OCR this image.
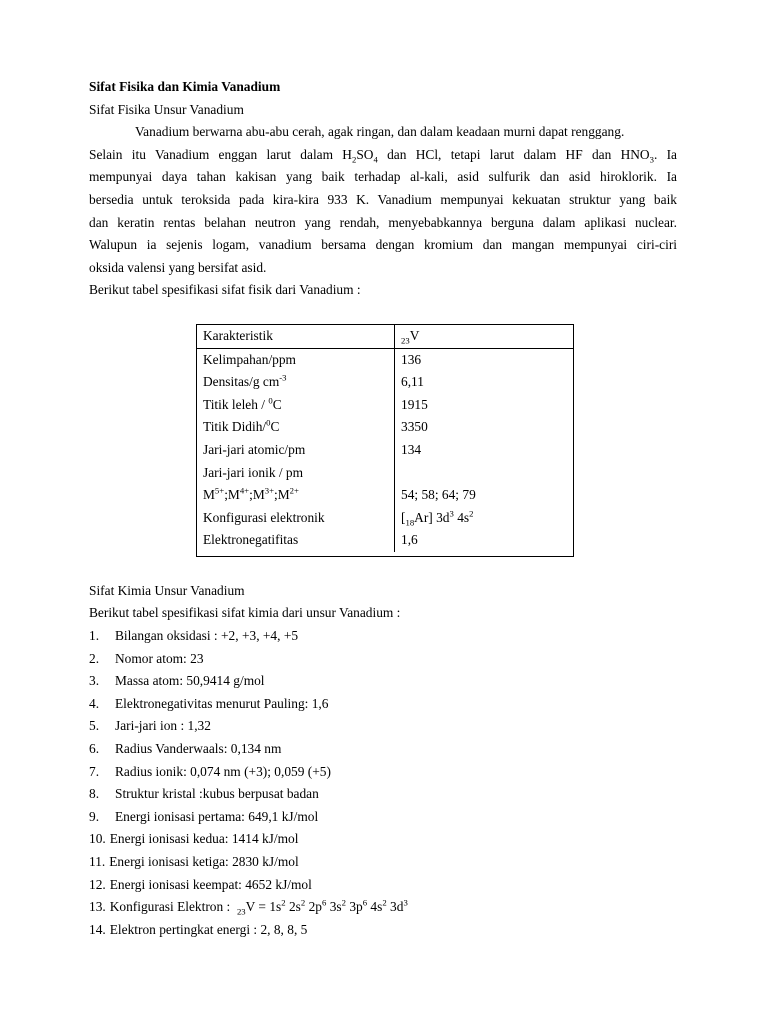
Sifat Fisika dan Kimia Vanadium
Sifat Fisika Unsur Vanadium
Vanadium berwarna abu-abu cerah, agak ringan, dan dalam keadaan murni dapat renggang.
Selain itu Vanadium enggan larut dalam $H_2SO_4$ dan HCl, tetapi larut dalam HF dan $HNO_3$. Ia
mempunyai daya tahan kakisan yang baik terhadap al-kali, asid sulfurik dan asid hiroklorik. Ia
bersedia untuk teroksida pada kira-kira 933 K. Vanadium mempunyai kekuatan struktur yang baik
dan keratin rentas belahan neutron yang rendah, menyebabkannya berguna dalam aplikasi nuclear.
Walupun ia sejenis logam, vanadium bersama dengan kromium dan mangan mempunyai ciri-ciri
oksida valensi yang bersifat asid.
Berikut tabel spesifikasi sifat fisik dari Vanadium :
Karakteristik	$_{23}$V
Kelimpahan/ppm	136
Densitas/g $cm^{-3}$	6,11
Titik leleh / $^0$C	1915
Titik Didih/$^0$C	3350
Jari-jari atomic/pm	134
Jari-jari ionik / pm
$M^{5+};M^{4+};M^{3+};M^{2+}$	54; 58; 64; 79
Konfigurasi elektronik	$[_{18}Ar]$ $3d^3$ $4s^2$
Elektronegatifitas	1,6
Sifat Kimia Unsur Vanadium
Berikut tabel spesifikasi sifat kimia dari unsur Vanadium :
1. Bilangan oksidasi : +2, +3, +4, +5
2. Nomor atom: 23
3. Massa atom: 50,9414 g/mol
4. Elektronegativitas menurut Pauling: 1,6
5. Jari-jari ion : 1,32
6. Radius Vanderwaals: 0,134 nm
7. Radius ionik: 0,074 nm (+3); 0,059 (+5)
8. Struktur kristal :kubus berpusat badan
9. Energi ionisasi pertama: 649,1 kJ/mol
10. Energi ionisasi kedua: 1414 kJ/mol
11. Energi ionisasi ketiga: 2830 kJ/mol
12. Energi ionisasi keempat: 4652 kJ/mol
13. Konfigurasi Elektron :  $_{23}V = 1s^2$ $2s^2$ $2p^6$ $3s^2$ $3p^6$ $4s^2$ $3d^3$
14. Elektron pertingkat energi : 2, 8, 8, 5
